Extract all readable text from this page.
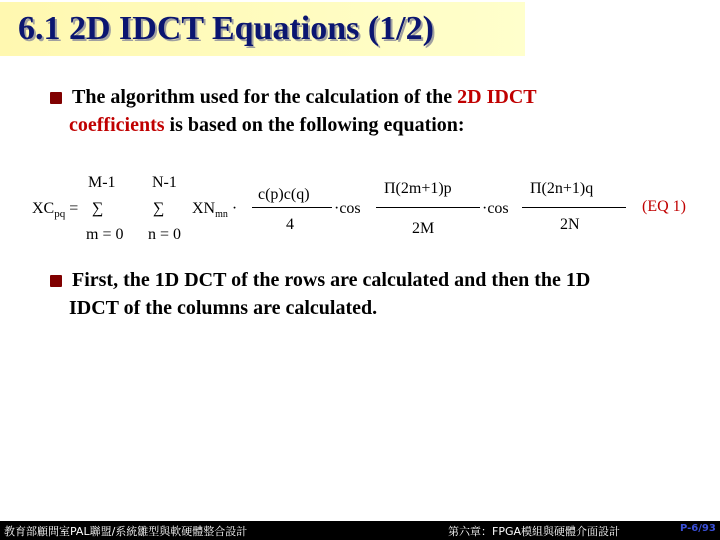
6.1 2D IDCT Equations (1/2)
The algorithm used for the calculation of the 2D IDCT
coefficients is based on the following equation:
M-1 N-1
$XC_{pq}$ = ∑	∑ $XN_{mn}$ ·
m = 0 n = 0
c(p)c(q)
4
·cos
Π(2m+1)p
2M
·cos
Π(2n+1)q
2N
(EQ 1)
First, the 1D DCT of the rows are calculated and then the 1D
IDCT of the columns are calculated.
教育部顧問室PAL聯盟/系統雛型與軟硬體整合設計	第六章：FPGA模組與硬體介面設計	P-6/93
